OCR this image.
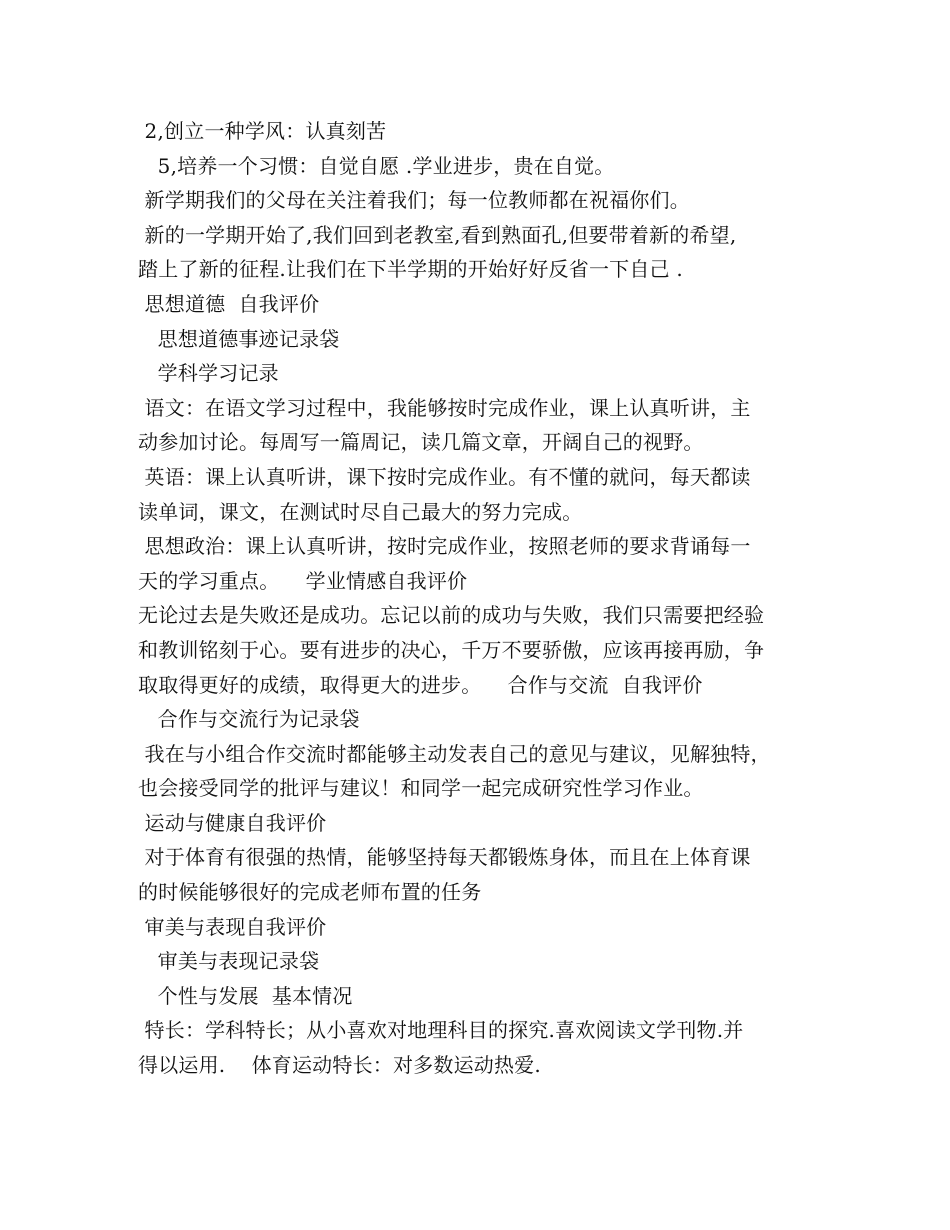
2,创立一种学风：认真刻苦
5,培养一个习惯：自觉自愿 .学业进步，贵在自觉。
新学期我们的父母在关注着我们；每一位教师都在祝福你们。
新的一学期开始了,我们回到老教室,看到熟面孔,但要带着新的希望,
踏上了新的征程.让我们在下半学期的开始好好反省一下自己 .
思想道德  自我评价
思想道德事迹记录袋
学科学习记录
语文：在语文学习过程中，我能够按时完成作业，课上认真听讲，主
动参加讨论。每周写一篇周记，读几篇文章，开阔自己的视野。
英语：课上认真听讲，课下按时完成作业。有不懂的就问，每天都读
读单词，课文，在测试时尽自己最大的努力完成。
思想政治：课上认真听讲，按时完成作业，按照老师的要求背诵每一
天的学习重点。    学业情感自我评价
无论过去是失败还是成功。忘记以前的成功与失败，我们只需要把经验
和教训铭刻于心。要有进步的决心，千万不要骄傲，应该再接再励，争
取取得更好的成绩，取得更大的进步。    合作与交流  自我评价
合作与交流行为记录袋
我在与小组合作交流时都能够主动发表自己的意见与建议，见解独特，
也会接受同学的批评与建议！和同学一起完成研究性学习作业。
运动与健康自我评价
对于体育有很强的热情，能够坚持每天都锻炼身体，而且在上体育课
的时候能够很好的完成老师布置的任务
审美与表现自我评价
审美与表现记录袋
个性与发展  基本情况
特长：学科特长；从小喜欢对地理科目的探究.喜欢阅读文学刊物.并
得以运用.    体育运动特长：对多数运动热爱.
